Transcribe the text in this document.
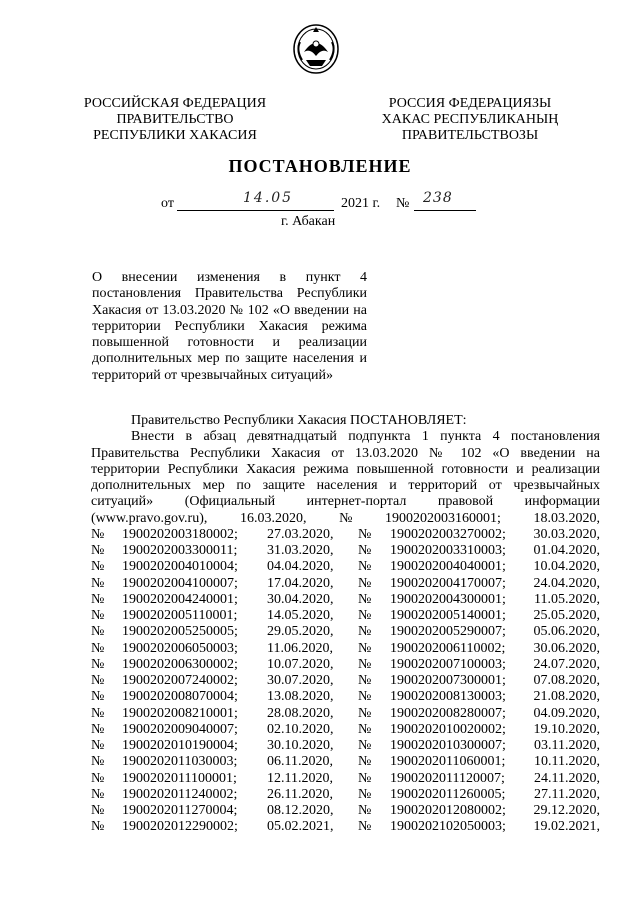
РОССИЙСКАЯ ФЕДЕРАЦИЯ
ПРАВИТЕЛЬСТВО
РЕСПУБЛИКИ ХАКАСИЯ
РОССИЯ ФЕДЕРАЦИЯЗЫ
ХАКАС РЕСПУБЛИКАНЫҢ
ПРАВИТЕЛЬСТВОЗЫ
ПОСТАНОВЛЕНИЕ
от	14.05	2021 г. № 238
г. Абакан
О внесении изменения в пункт 4
постановления Правительства Республики
Хакасия от 13.03.2020 № 102 «О введении на
территории Республики Хакасия режима
повышенной готовности и реализации
дополнительных мер по защите населения и
территорий от чрезвычайных ситуаций»
Правительство Республики Хакасия ПОСТАНОВЛЯЕТ:
Внести в абзац девятнадцатый подпункта 1 пункта 4 постановления
Правительства Республики Хакасия от 13.03.2020 № 102 «О введении на
территории Республики Хакасия режима повышенной готовности и реализации
дополнительных мер по защите населения и территорий от чрезвычайных
ситуаций» (Официальный интернет-портал правовой информации
(www.pravo.gov.ru), 16.03.2020, № 1900202003160001; 18.03.2020,
№ 1900202003180002; 27.03.2020, № 1900202003270002; 30.03.2020,
№ 1900202003300011; 31.03.2020, № 1900202003310003; 01.04.2020,
№ 1900202004010004; 04.04.2020, № 1900202004040001; 10.04.2020,
№ 1900202004100007; 17.04.2020, № 1900202004170007; 24.04.2020,
№ 1900202004240001; 30.04.2020, № 1900202004300001; 11.05.2020,
№ 1900202005110001; 14.05.2020, № 1900202005140001; 25.05.2020,
№ 1900202005250005; 29.05.2020, № 1900202005290007; 05.06.2020,
№ 1900202006050003; 11.06.2020, № 1900202006110002; 30.06.2020,
№ 1900202006300002; 10.07.2020, № 1900202007100003; 24.07.2020,
№ 1900202007240002; 30.07.2020, № 1900202007300001; 07.08.2020,
№ 1900202008070004; 13.08.2020, № 1900202008130003; 21.08.2020,
№ 1900202008210001; 28.08.2020, № 1900202008280007; 04.09.2020,
№ 1900202009040007; 02.10.2020, № 1900202010020002; 19.10.2020,
№ 1900202010190004; 30.10.2020, № 1900202010300007; 03.11.2020,
№ 1900202011030003; 06.11.2020, № 1900202011060001; 10.11.2020,
№ 1900202011100001; 12.11.2020, № 1900202011120007; 24.11.2020,
№ 1900202011240002; 26.11.2020, № 1900202011260005; 27.11.2020,
№ 1900202011270004; 08.12.2020, № 1900202012080002; 29.12.2020,
№ 1900202012290002; 05.02.2021, № 1900202102050003; 19.02.2021,
